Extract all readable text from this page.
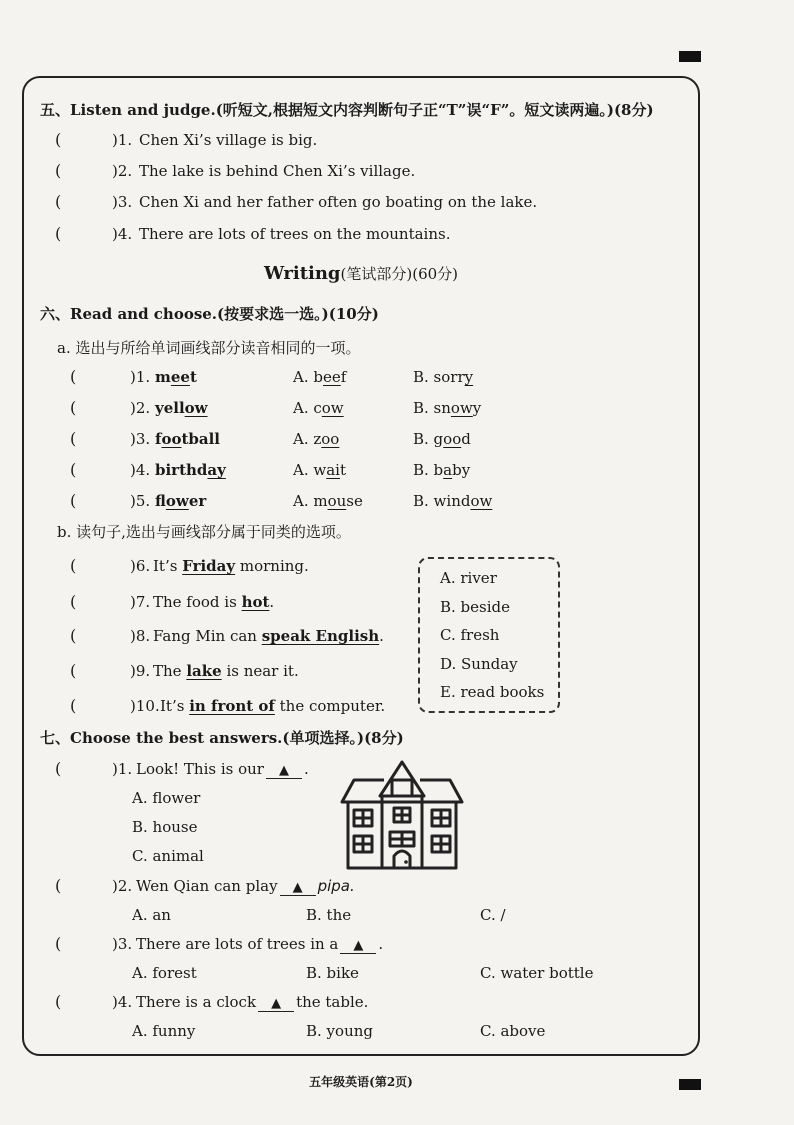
五、Listen and judge.(听短文,根据短文内容判断句子正“T”误“F”。短文读两遍。)(8分)
(	)1. Chen Xi’s village is big.
(	)2. The lake is behind Chen Xi’s village.
(	)3. Chen Xi and her father often go boating on the lake.
(	)4. There are lots of trees on the mountains.
Writing(笔试部分)(60分)
六、Read and choose.(按要求选一选。)(10分)
a. 选出与所给单词画线部分读音相同的一项。
(	)1. meet	A. beef	B. sorry
(	)2. yellow	A. cow	B. snowy
(	)3. football	A. zoo	B. good
(	)4. birthday	A. wait	B. baby
(	)5. flower	A. mouse	B. window
b. 读句子,选出与画线部分属于同类的选项。
(	)6. It’s Friday morning.
(	)7. The food is hot.
(	)8. Fang Min can speak English.
(	)9. The lake is near it.
(	)10. It’s in front of the computer.
A. river
B. beside
C. fresh
D. Sunday
E. read books
七、Choose the best answers.(单项选择。)(8分)
(	)1. Look! This is our ▲ .
A. flower
B. house
C. animal
(	)2. Wen Qian can play ▲ pipa.
A. an	B. the	C. /
(	)3. There are lots of trees in a ▲ .
A. forest	B. bike	C. water bottle
(	)4. There is a clock ▲ the table.
A. funny	B. young	C. above
五年级英语(第2页)
